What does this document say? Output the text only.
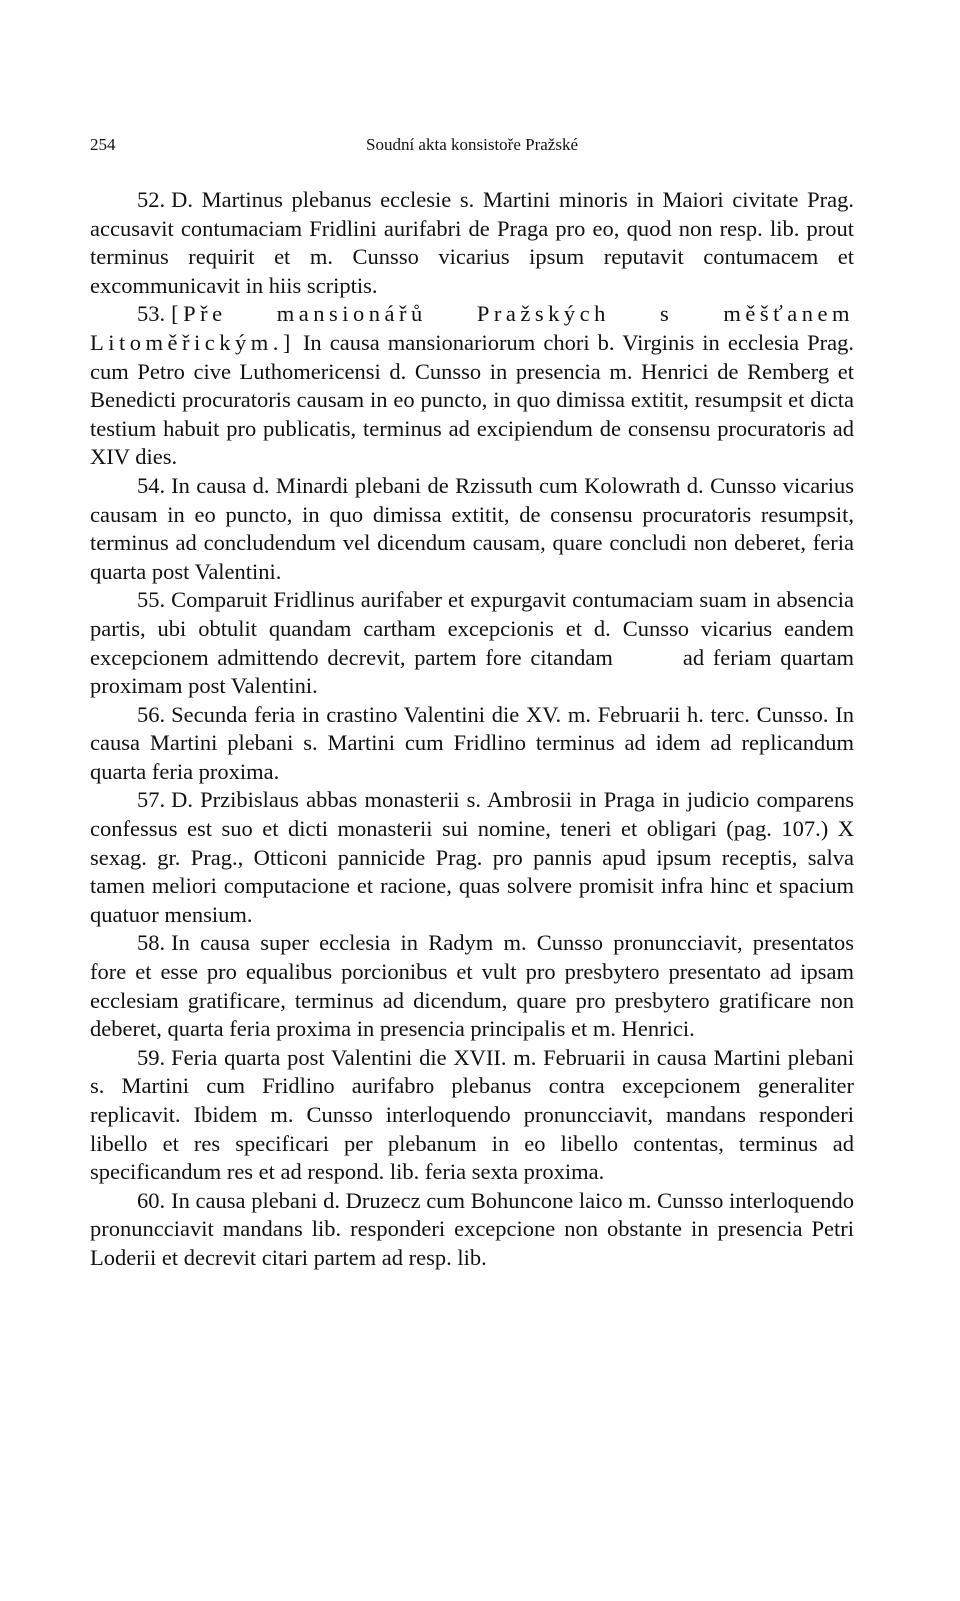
254	Soudní akta konsistoře Pražské

52. D. Martinus plebanus ecclesie s. Martini minoris in Maiori civitate Prag. accusavit contumaciam Fridlini aurifabri de Praga pro eo, quod non resp. lib. prout terminus requirit et m. Cunsso vicarius ipsum reputavit contumacem et excommunicavit in hiis scriptis.

53. [Pře mansionářů Pražských s měšťanem Litoměřickým.] In causa mansionariorum chori b. Virginis in ecclesia Prag. cum Petro cive Luthomericensi d. Cunsso in presencia m. Henrici de Remberg et Benedicti procuratoris causam in eo puncto, in quo dimissa extitit, resumpsit et dicta testium habuit pro publicatis, terminus ad excipiendum de consensu procuratoris ad XIV dies.

54. In causa d. Minardi plebani de Rzissuth cum Kolowrath d. Cunsso vicarius causam in eo puncto, in quo dimissa extitit, de consensu procuratoris resumpsit, terminus ad concludendum vel dicendum causam, quare concludi non deberet, feria quarta post Valentini.

55. Comparuit Fridlinus aurifaber et expurgavit contumaciam suam in absencia partis, ubi obtulit quandam cartham excepcionis et d. Cunsso vicarius eandem excepcionem admittendo decrevit, partem fore citandam	ad feriam quartam proximam post Valentini.

56. Secunda feria in crastino Valentini die XV. m. Februarii h. terc. Cunsso. In causa Martini plebani s. Martini cum Fridlino terminus ad idem ad replicandum quarta feria proxima.

57. D. Przibislaus abbas monasterii s. Ambrosii in Praga in judicio comparens confessus est suo et dicti monasterii sui nomine, teneri et obligari (pag. 107.) X sexag. gr. Prag., Otticoni pannicide Prag. pro pannis apud ipsum receptis, salva tamen meliori computacione et racione, quas solvere promisit infra hinc et spacium quatuor mensium.

58. In causa super ecclesia in Radym m. Cunsso pronuncciavit, presentatos fore et esse pro equalibus porcionibus et vult pro presbytero presentato ad ipsam ecclesiam gratificare, terminus ad dicendum, quare pro presbytero gratificare non deberet, quarta feria proxima in presencia principalis et m. Henrici.

59. Feria quarta post Valentini die XVII. m. Februarii in causa Martini plebani s. Martini cum Fridlino aurifabro plebanus contra excepcionem generaliter replicavit. Ibidem m. Cunsso interloquendo pronuncciavit, mandans responderi libello et res specificari per plebanum in eo libello contentas, terminus ad specificandum res et ad respond. lib. feria sexta proxima.

60. In causa plebani d. Druzecz cum Bohuncone laico m. Cunsso interloquendo pronuncciavit mandans lib. responderi excepcione non obstante in presencia Petri Loderii et decrevit citari partem ad resp. lib.
